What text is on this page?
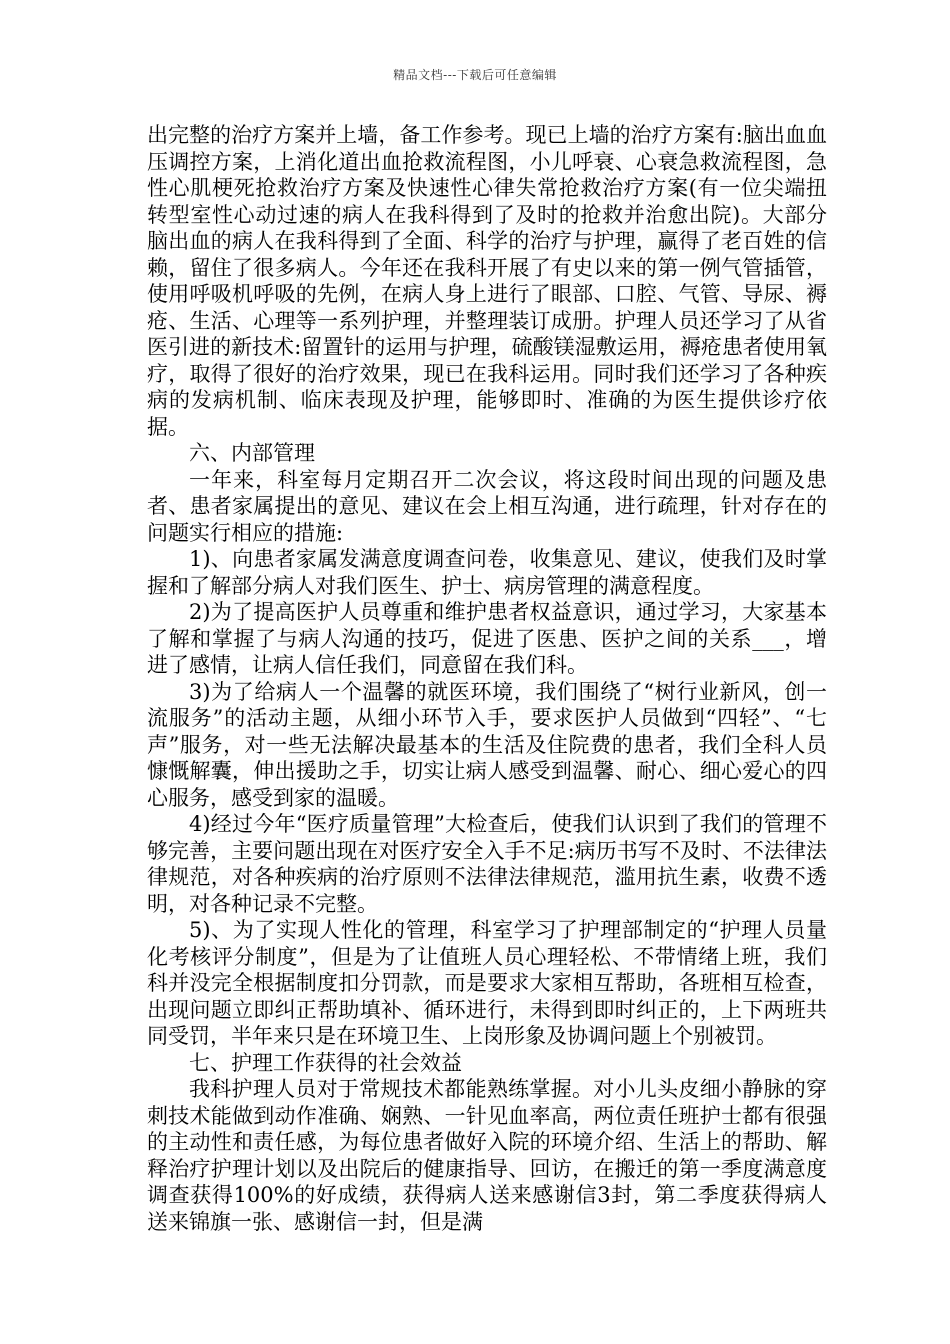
精品文档---下载后可任意编辑

出完整的治疗方案并上墙，备工作参考。现已上墙的治疗方案有:脑出血血压调控方案，上消化道出血抢救流程图，小儿呼衰、心衰急救流程图，急性心肌梗死抢救治疗方案及快速性心律失常抢救治疗方案(有一位尖端扭转型室性心动过速的病人在我科得到了及时的抢救并治愈出院)。大部分脑出血的病人在我科得到了全面、科学的治疗与护理，赢得了老百姓的信赖，留住了很多病人。今年还在我科开展了有史以来的第一例气管插管，使用呼吸机呼吸的先例，在病人身上进行了眼部、口腔、气管、导尿、褥疮、生活、心理等一系列护理，并整理装订成册。护理人员还学习了从省医引进的新技术:留置针的运用与护理，硫酸镁湿敷运用，褥疮患者使用氧疗，取得了很好的治疗效果，现已在我科运用。同时我们还学习了各种疾病的发病机制、临床表现及护理，能够即时、准确的为医生提供诊疗依据。

六、内部管理

一年来，科室每月定期召开二次会议，将这段时间出现的问题及患者、患者家属提出的意见、建议在会上相互沟通，进行疏理，针对存在的问题实行相应的措施:

1)、向患者家属发满意度调查问卷，收集意见、建议，使我们及时掌握和了解部分病人对我们医生、护士、病房管理的满意程度。

2)为了提高医护人员尊重和维护患者权益意识，通过学习，大家基本了解和掌握了与病人沟通的技巧，促进了医患、医护之间的关系___，增进了感情，让病人信任我们，同意留在我们科。

3)为了给病人一个温馨的就医环境，我们围绕了“树行业新风，创一流服务”的活动主题，从细小环节入手，要求医护人员做到“四轻”、“七声”服务，对一些无法解决最基本的生活及住院费的患者，我们全科人员慷慨解囊，伸出援助之手，切实让病人感受到温馨、耐心、细心爱心的四心服务，感受到家的温暖。

4)经过今年“医疗质量管理”大检查后，使我们认识到了我们的管理不够完善，主要问题出现在对医疗安全入手不足:病历书写不及时、不法律法律规范，对各种疾病的治疗原则不法律法律规范，滥用抗生素，收费不透明，对各种记录不完整。

5)、为了实现人性化的管理，科室学习了护理部制定的“护理人员量化考核评分制度”，但是为了让值班人员心理轻松、不带情绪上班，我们科并没完全根据制度扣分罚款，而是要求大家相互帮助，各班相互检查，出现问题立即纠正帮助填补、循环进行，未得到即时纠正的，上下两班共同受罚，半年来只是在环境卫生、上岗形象及协调问题上个别被罚。

七、护理工作获得的社会效益

我科护理人员对于常规技术都能熟练掌握。对小儿头皮细小静脉的穿刺技术能做到动作准确、娴熟、一针见血率高，两位责任班护士都有很强的主动性和责任感，为每位患者做好入院的环境介绍、生活上的帮助、解释治疗护理计划以及出院后的健康指导、回访，在搬迁的第一季度满意度调查获得100%的好成绩，获得病人送来感谢信3封，第二季度获得病人送来锦旗一张、感谢信一封，但是满
